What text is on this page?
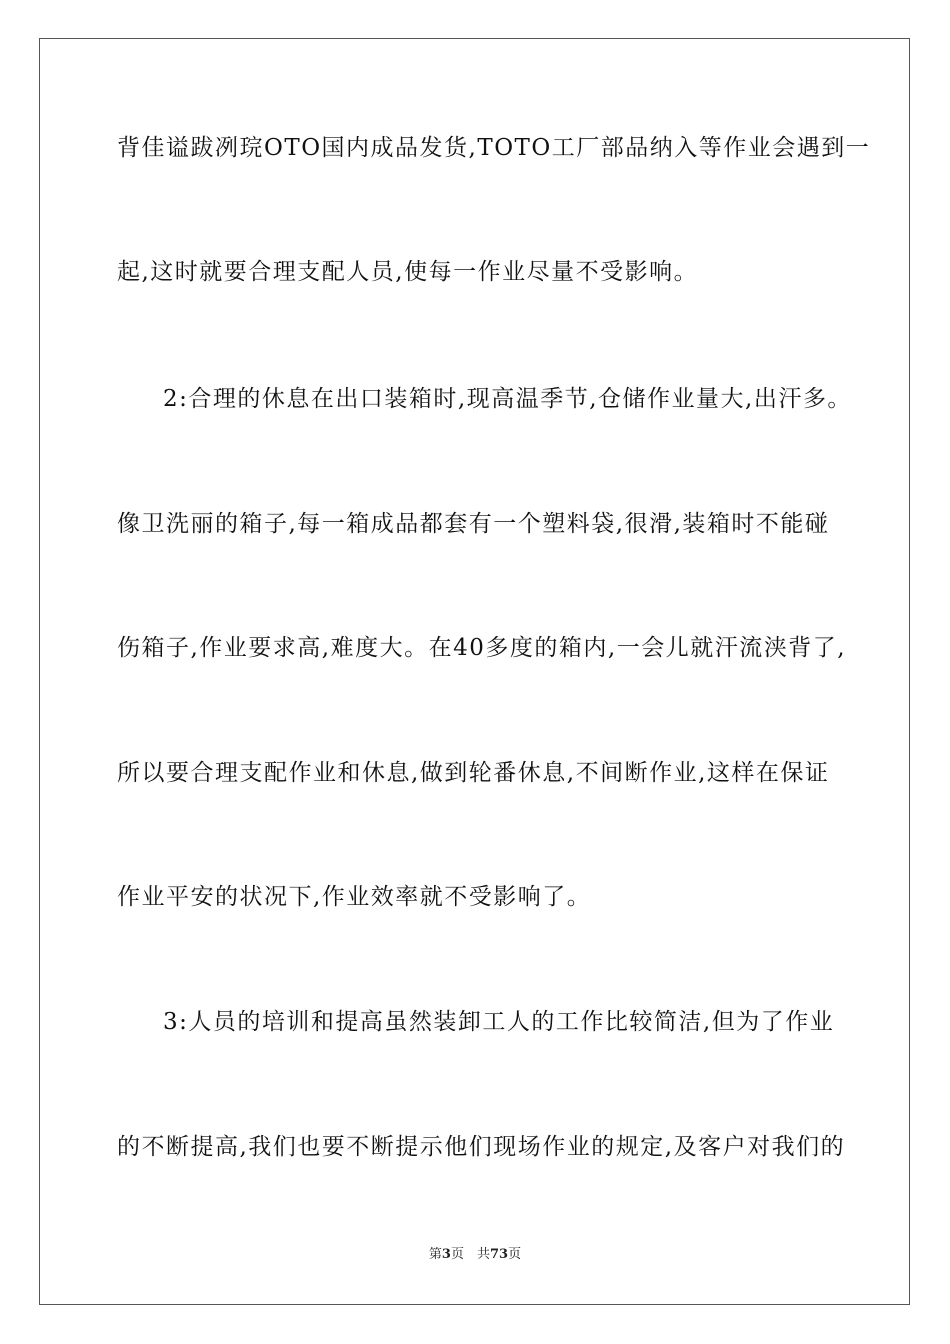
背佳谥跋冽琓OTO国内成品发货,TOTO工厂部品纳入等作业会遇到一
起,这时就要合理支配人员,使每一作业尽量不受影响。
2:合理的休息在出口装箱时,现高温季节,仓储作业量大,出汗多。
像卫洗丽的箱子,每一箱成品都套有一个塑料袋,很滑,装箱时不能碰
伤箱子,作业要求高,难度大。在40多度的箱内,一会儿就汗流浃背了,
所以要合理支配作业和休息,做到轮番休息,不间断作业,这样在保证
作业平安的状况下,作业效率就不受影响了。
3:人员的培训和提高虽然装卸工人的工作比较简洁,但为了作业
的不断提高,我们也要不断提示他们现场作业的规定,及客户对我们的
第3页　共73页
